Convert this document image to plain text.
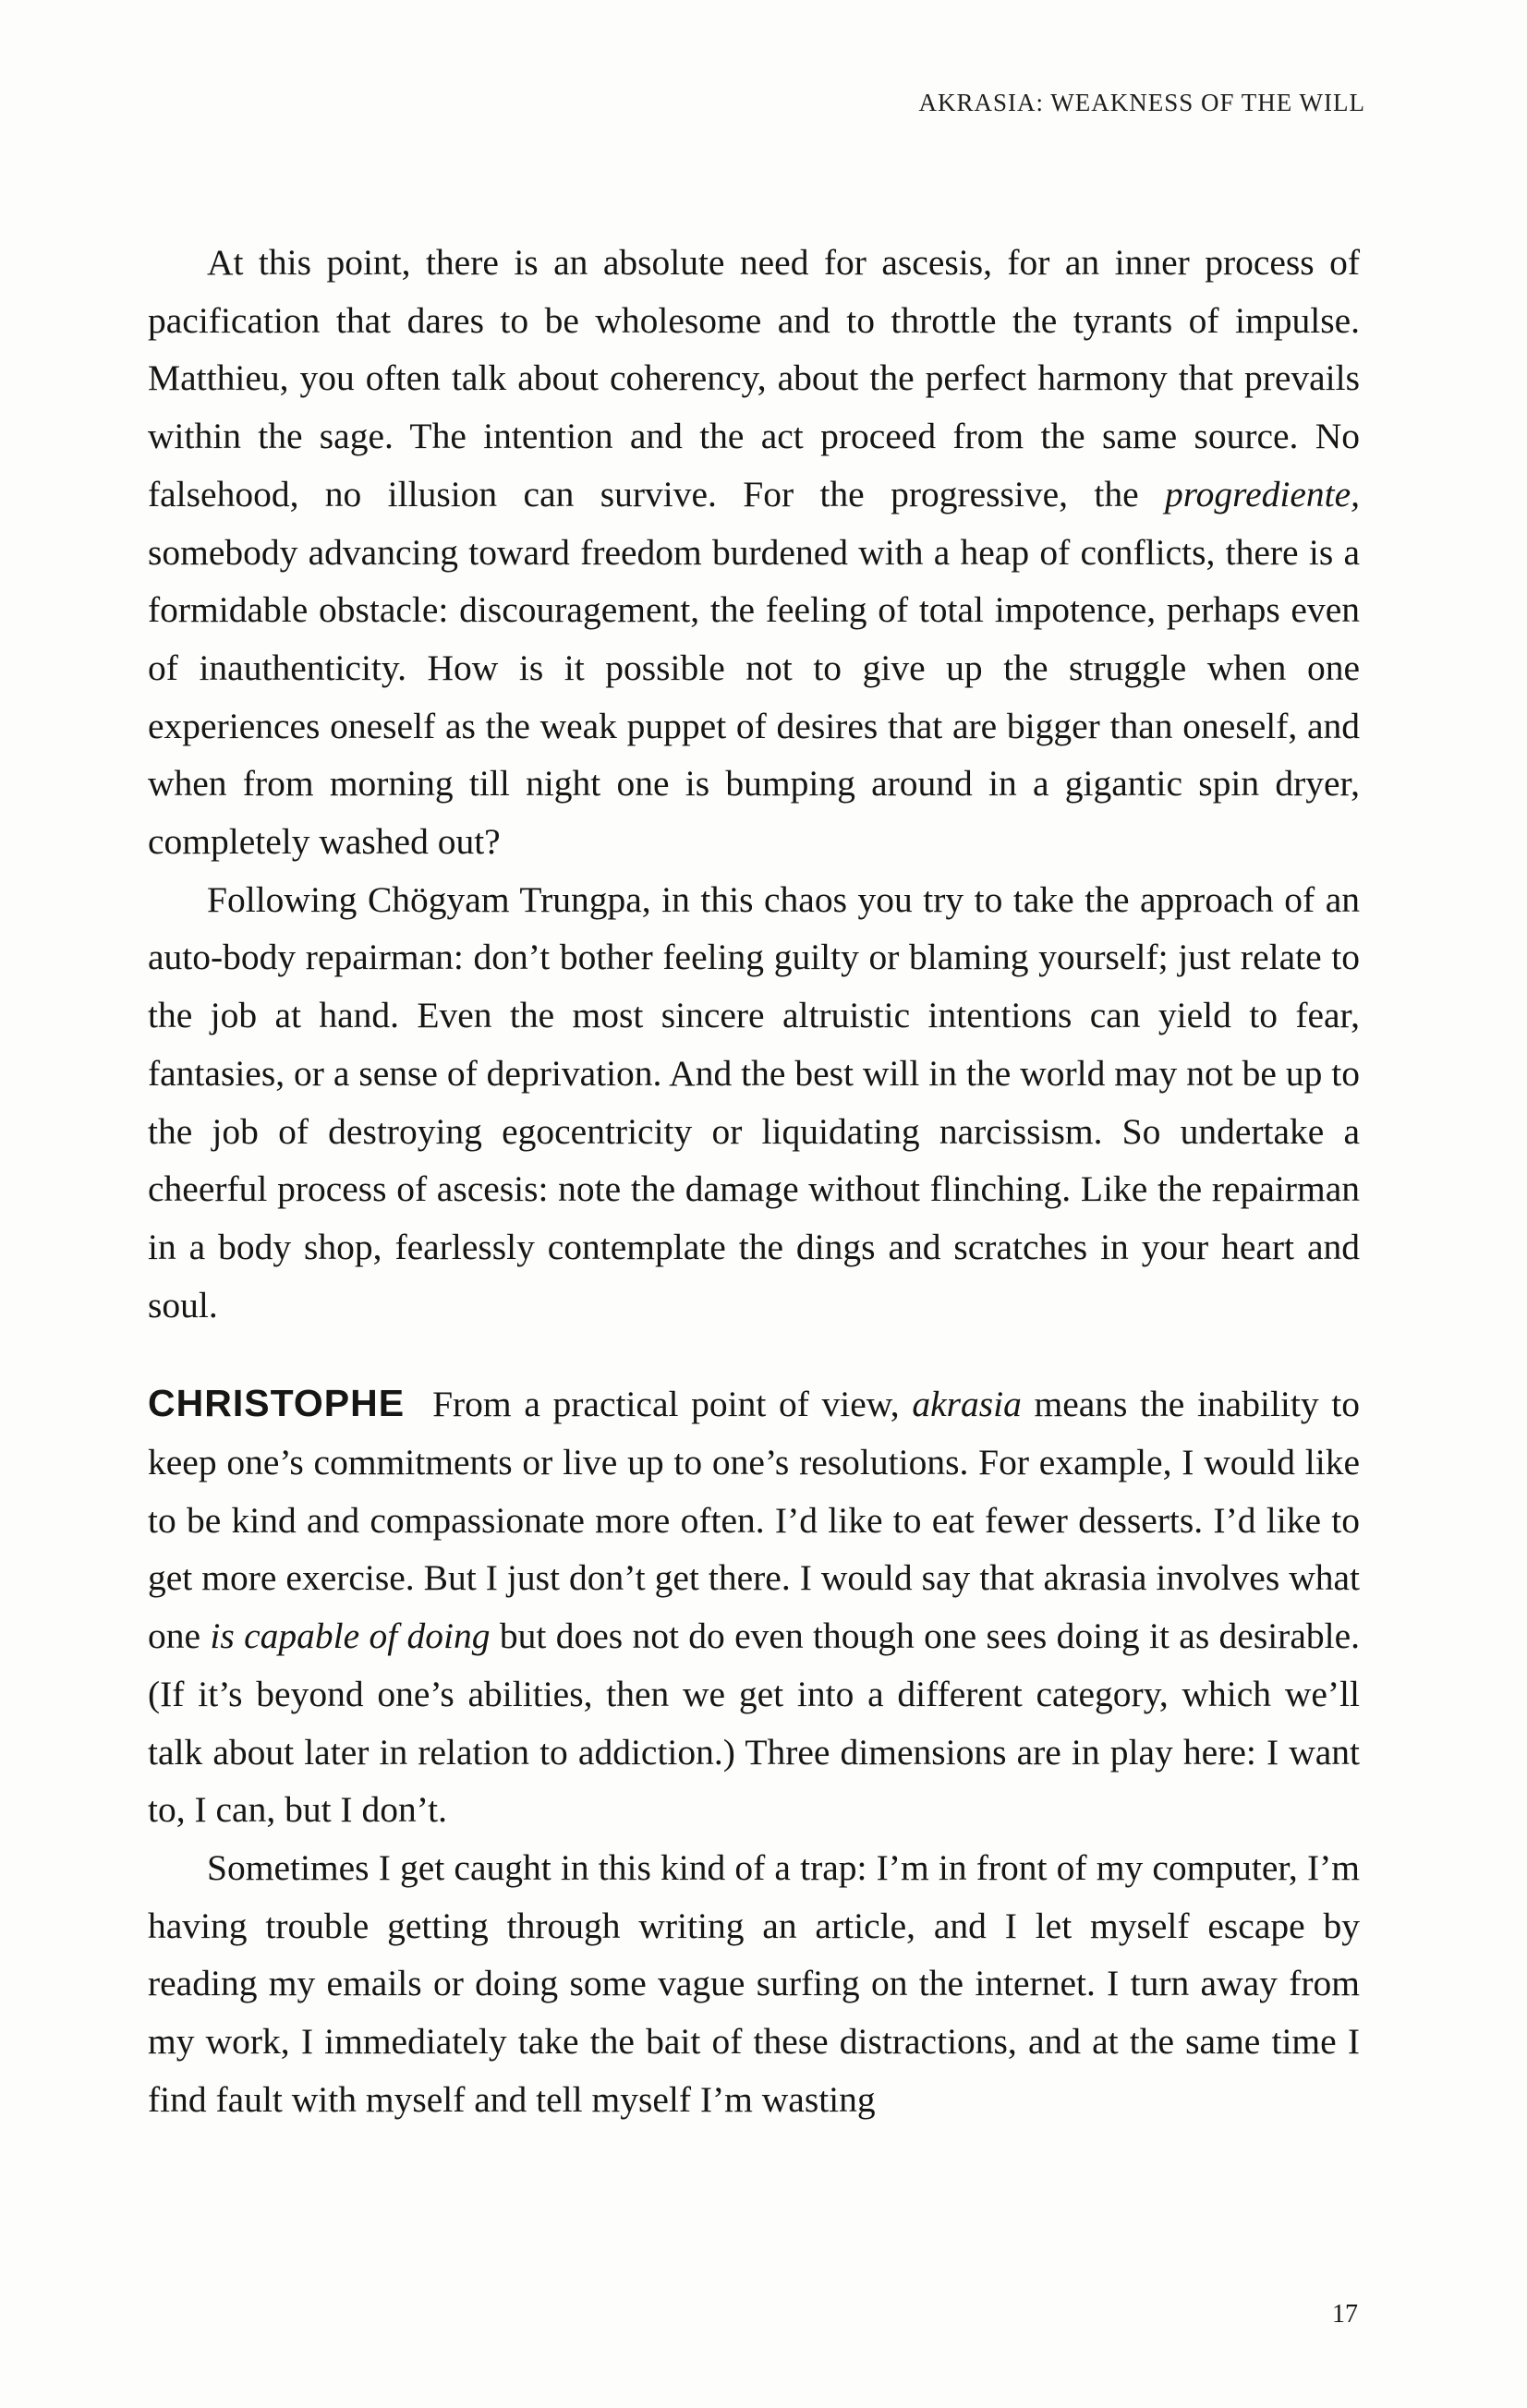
AKRASIA: WEAKNESS OF THE WILL

At this point, there is an absolute need for ascesis, for an inner process of pacification that dares to be wholesome and to throttle the tyrants of impulse. Matthieu, you often talk about coherency, about the perfect harmony that prevails within the sage. The intention and the act proceed from the same source. No falsehood, no illusion can survive. For the progressive, the progrediente, somebody advancing toward freedom burdened with a heap of conflicts, there is a formidable obstacle: discouragement, the feeling of total impotence, perhaps even of inauthenticity. How is it possible not to give up the struggle when one experiences oneself as the weak puppet of desires that are bigger than oneself, and when from morning till night one is bumping around in a gigantic spin dryer, completely washed out?

Following Chögyam Trungpa, in this chaos you try to take the approach of an auto-body repairman: don’t bother feeling guilty or blaming yourself; just relate to the job at hand. Even the most sincere altruistic intentions can yield to fear, fantasies, or a sense of deprivation. And the best will in the world may not be up to the job of destroying egocentricity or liquidating narcissism. So undertake a cheerful process of ascesis: note the damage without flinching. Like the repairman in a body shop, fearlessly contemplate the dings and scratches in your heart and soul.

CHRISTOPHE From a practical point of view, akrasia means the inability to keep one’s commitments or live up to one’s resolutions. For example, I would like to be kind and compassionate more often. I’d like to eat fewer desserts. I’d like to get more exercise. But I just don’t get there. I would say that akrasia involves what one is capable of doing but does not do even though one sees doing it as desirable. (If it’s beyond one’s abilities, then we get into a different category, which we’ll talk about later in relation to addiction.) Three dimensions are in play here: I want to, I can, but I don’t.

Sometimes I get caught in this kind of a trap: I’m in front of my computer, I’m having trouble getting through writing an article, and I let myself escape by reading my emails or doing some vague surfing on the internet. I turn away from my work, I immediately take the bait of these distractions, and at the same time I find fault with myself and tell myself I’m wasting

17
